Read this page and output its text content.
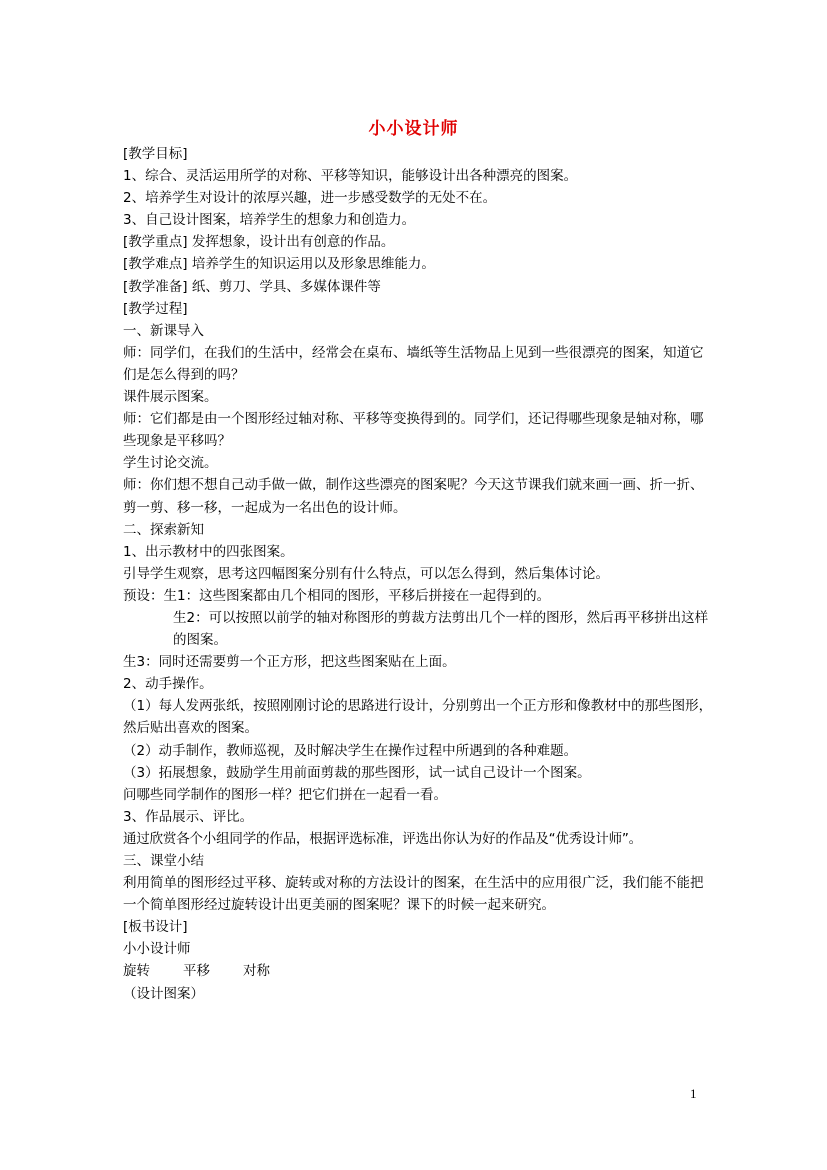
小小设计师
[教学目标]
1、综合、灵活运用所学的对称、平移等知识，能够设计出各种漂亮的图案。
2、培养学生对设计的浓厚兴趣，进一步感受数学的无处不在。
3、自己设计图案，培养学生的想象力和创造力。
[教学重点] 发挥想象，设计出有创意的作品。
[教学难点] 培养学生的知识运用以及形象思维能力。
[教学准备] 纸、剪刀、学具、多媒体课件等
[教学过程]
一、新课导入
师：同学们，在我们的生活中，经常会在桌布、墙纸等生活物品上见到一些很漂亮的图案，知道它们是怎么得到的吗？
课件展示图案。
师：它们都是由一个图形经过轴对称、平移等变换得到的。同学们，还记得哪些现象是轴对称，哪些现象是平移吗？
学生讨论交流。
师：你们想不想自己动手做一做，制作这些漂亮的图案呢？今天这节课我们就来画一画、折一折、剪一剪、移一移，一起成为一名出色的设计师。
二、探索新知
1、出示教材中的四张图案。
引导学生观察，思考这四幅图案分别有什么特点，可以怎么得到，然后集体讨论。
预设：生1：这些图案都由几个相同的图形，平移后拼接在一起得到的。
生2：可以按照以前学的轴对称图形的剪裁方法剪出几个一样的图形，然后再平移拼出这样的图案。
生3：同时还需要剪一个正方形，把这些图案贴在上面。
2、动手操作。
（1）每人发两张纸，按照刚刚讨论的思路进行设计，分别剪出一个正方形和像教材中的那些图形，然后贴出喜欢的图案。
（2）动手制作，教师巡视，及时解决学生在操作过程中所遇到的各种难题。
（3）拓展想象，鼓励学生用前面剪裁的那些图形，试一试自己设计一个图案。
问哪些同学制作的图形一样？把它们拼在一起看一看。
3、作品展示、评比。
通过欣赏各个小组同学的作品，根据评选标准，评选出你认为好的作品及“优秀设计师”。
三、课堂小结
利用简单的图形经过平移、旋转或对称的方法设计的图案，在生活中的应用很广泛，我们能不能把一个简单图形经过旋转设计出更美丽的图案呢？课下的时候一起来研究。
[板书设计]
小小设计师
旋转 平移 对称
（设计图案）
1
